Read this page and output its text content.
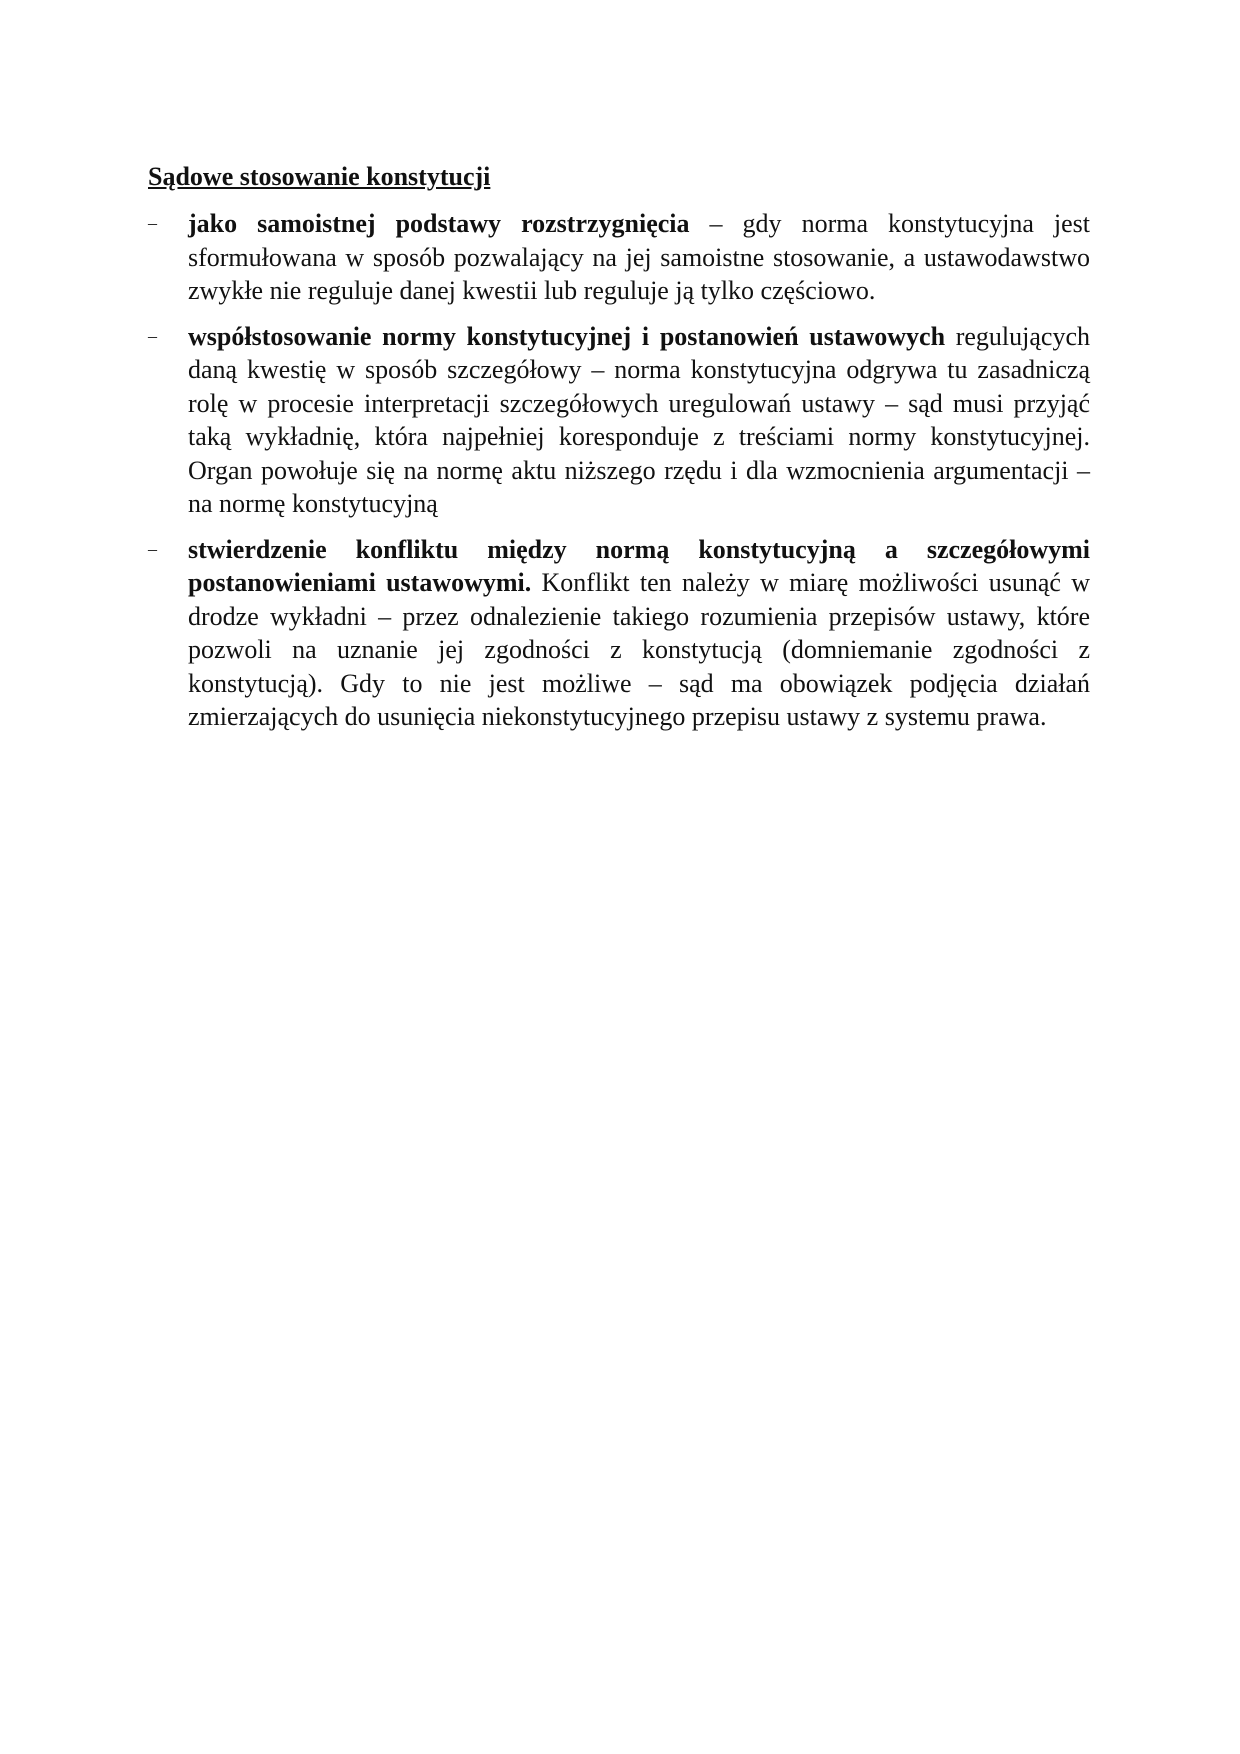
Sądowe stosowanie konstytucji
– jako samoistnej podstawy rozstrzygnięcia – gdy norma konstytucyjna jest sformułowana w sposób pozwalający na jej samoistne stosowanie, a ustawodawstwo zwykłe nie reguluje danej kwestii lub reguluje ją tylko częściowo.
– współstosowanie normy konstytucyjnej i postanowień ustawowych regulujących daną kwestię w sposób szczegółowy – norma konstytucyjna odgrywa tu zasadniczą rolę w procesie interpretacji szczegółowych uregulowań ustawy – sąd musi przyjąć taką wykładnię, która najpełniej koresponduje z treściami normy konstytucyjnej. Organ powołuje się na normę aktu niższego rzędu i dla wzmocnienia argumentacji – na normę konstytucyjną
– stwierdzenie konfliktu między normą konstytucyjną a szczegółowymi postanowieniami ustawowymi. Konflikt ten należy w miarę możliwości usunąć w drodze wykładni – przez odnalezienie takiego rozumienia przepisów ustawy, które pozwoli na uznanie jej zgodności z konstytucją (domniemanie zgodności z konstytucją). Gdy to nie jest możliwe – sąd ma obowiązek podjęcia działań zmierzających do usunięcia niekonstytucyjnego przepisu ustawy z systemu prawa.
